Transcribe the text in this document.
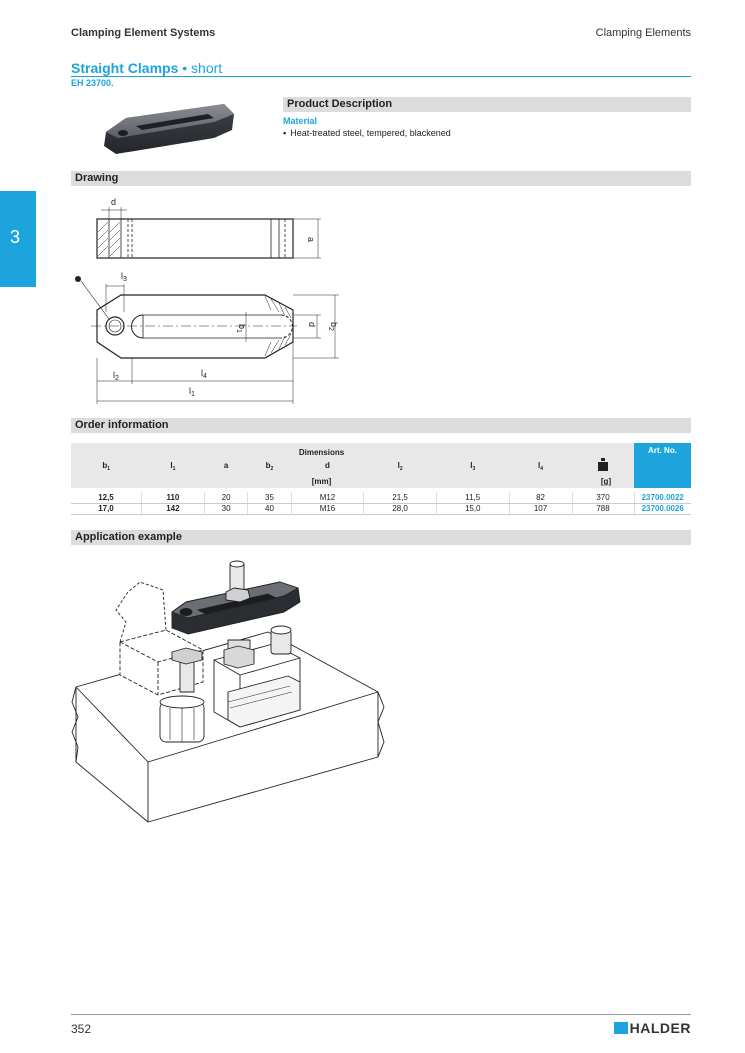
Clamping Element Systems	Clamping Elements
3
Straight Clamps • short
EH 23700.
Product Description
Material
▪ Heat-treated steel, tempered, blackened
Drawing
d
a
$l_3$
$b_1$
d $b_2$
$l_2$
$l_4$
$l_1$
Order information
Dimensions									Art. No.
$b_1$	$l_1$	a	$b_2$	d	$l_2$	$l_3$	$l_4$
[mm]									

12,5	110	20	35	M12	21,5	11,5	82	370	23700.0022
17,0	142	30	40	M16	28,0	15,0	107	788	23700.0026
[g]
Application example
352	HALDER
